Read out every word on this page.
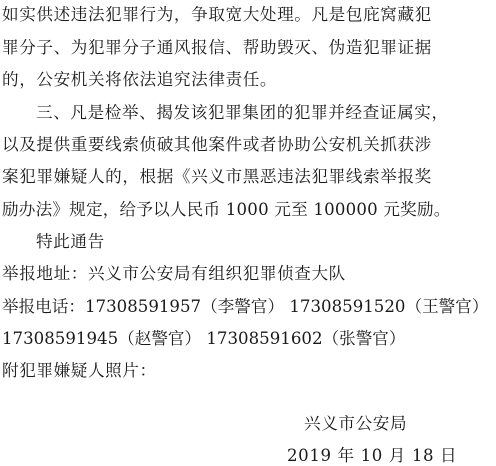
如实供述违法犯罪行为，争取宽大处理。凡是包庇窝藏犯
罪分子、为犯罪分子通风报信、帮助毁灭、伪造犯罪证据
的，公安机关将依法追究法律责任。
三、凡是检举、揭发该犯罪集团的犯罪并经查证属实，
以及提供重要线索侦破其他案件或者协助公安机关抓获涉
案犯罪嫌疑人的，根据《兴义市黑恶违法犯罪线索举报奖
励办法》规定，给予以人民币 1000 元至 100000 元奖励。
特此通告
举报地址：兴义市公安局有组织犯罪侦查大队
举报电话：17308591957（李警官） 17308591520（王警官）
17308591945（赵警官） 17308591602（张警官）
附犯罪嫌疑人照片：
兴义市公安局
2019 年 10 月 18 日
